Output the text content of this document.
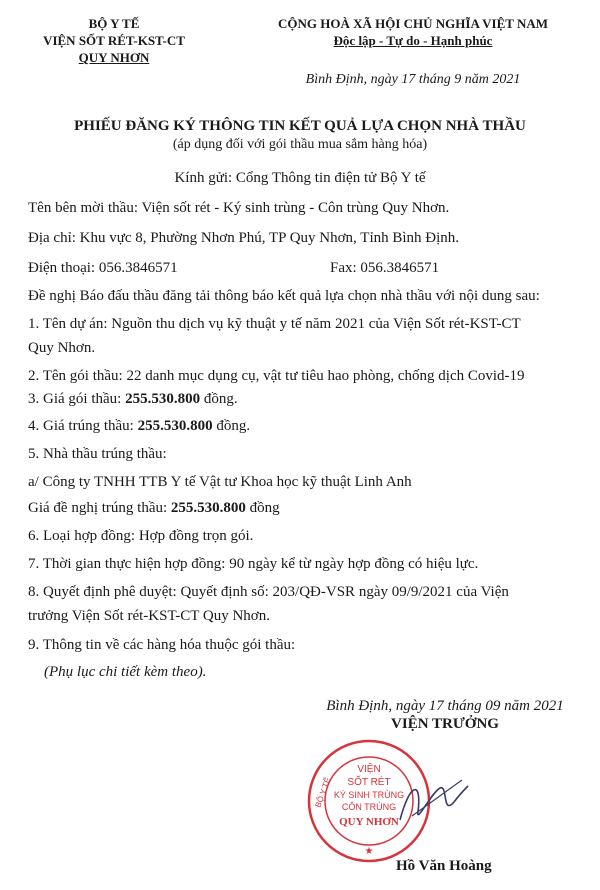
BỘ Y TẾ
VIỆN SỐT RÉT-KST-CT
QUY NHƠN
CỘNG HOÀ XÃ HỘI CHỦ NGHĨA VIỆT NAM
Độc lập - Tự do - Hạnh phúc
Bình Định, ngày 17 tháng 9 năm 2021
PHIẾU ĐĂNG KÝ THÔNG TIN KẾT QUẢ LỰA CHỌN NHÀ THẦU
(áp dụng đối với gói thầu mua sắm hàng hóa)
Kính gửi: Cổng Thông tin điện tử Bộ Y tế
Tên bên mời thầu: Viện sốt rét - Ký sinh trùng - Côn trùng Quy Nhơn.
Địa chỉ: Khu vực 8, Phường Nhơn Phú, TP Quy Nhơn, Tỉnh Bình Định.
Điện thoại: 056.3846571	Fax: 056.3846571
Đề nghị Báo đấu thầu đăng tải thông báo kết quả lựa chọn nhà thầu với nội dung sau:
1. Tên dự án: Nguồn thu dịch vụ kỹ thuật y tế năm 2021 của Viện Sốt rét-KST-CT
Quy Nhơn.
2. Tên gói thầu: 22 danh mục dụng cụ, vật tư tiêu hao phòng, chống dịch Covid-19
3. Giá gói thầu: 255.530.800 đồng.
4. Giá trúng thầu: 255.530.800 đồng.
5. Nhà thầu trúng thầu:
a/ Công ty TNHH TTB Y tế Vật tư Khoa học kỹ thuật Linh Anh
Giá đề nghị trúng thầu: 255.530.800 đồng
6. Loại hợp đồng: Hợp đồng trọn gói.
7. Thời gian thực hiện hợp đồng: 90 ngày kể từ ngày hợp đồng có hiệu lực.
8. Quyết định phê duyệt: Quyết định số: 203/QĐ-VSR ngày 09/9/2021 của Viện
trưởng Viện Sốt rét-KST-CT Quy Nhơn.
9. Thông tin về các hàng hóa thuộc gói thầu:
(Phụ lục chi tiết kèm theo).
Bình Định, ngày 17 tháng 09 năm 2021
VIỆN TRƯỞNG
VIỆN
SỐT RÉT
KÝ SINH TRÙNG
CÔN TRÙNG
QUY NHƠN
BỘ Y TẾ
★
Hồ Văn Hoàng
